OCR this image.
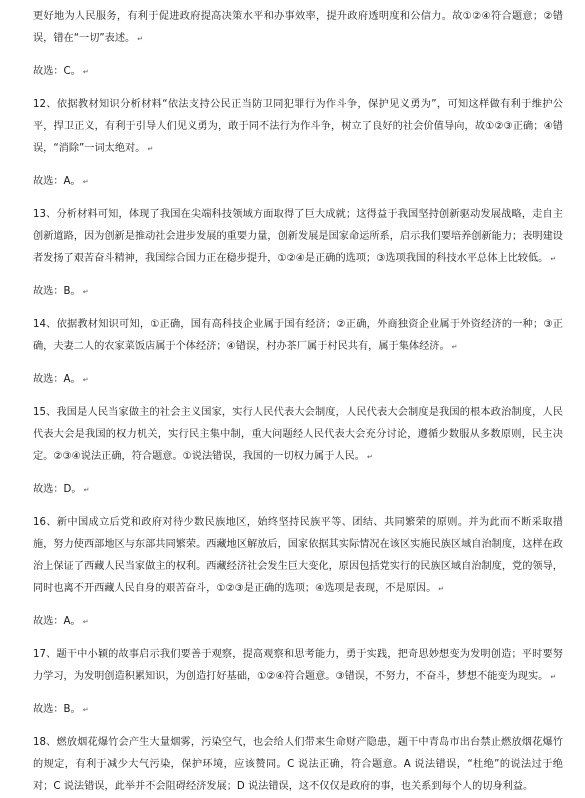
更好地为人民服务，有利于促进政府提高决策水平和办事效率，提升政府透明度和公信力。故①②④符合题意；②错误，错在“一切”表述。 ↵

故选：C。 ↵

12、依据教材知识分析材料“依法支持公民正当防卫同犯罪行为作斗争，保护见义勇为”，可知这样做有利于维护公平，捍卫正义，有利于引导人们见义勇为，敢于同不法行为作斗争，树立了良好的社会价值导向，故①②③正确；④错误，“消除”一词太绝对。 ↵

故选：A。 ↵

13、分析材料可知，体现了我国在尖端科技领域方面取得了巨大成就；这得益于我国坚持创新驱动发展战略，走自主创新道路，因为创新是推动社会进步发展的重要力量，创新发展是国家命运所系，启示我们要培养创新能力；表明建设者发扬了艰苦奋斗精神，我国综合国力正在稳步提升，①②④是正确的选项；③选项我国的科技水平总体上比较低。 ↵

故选：B。 ↵

14、依据教材知识可知，①正确，国有高科技企业属于国有经济；②正确，外商独资企业属于外资经济的一种；③正确，夫妻二人的农家菜饭店属于个体经济；④错误，村办茶厂属于村民共有，属于集体经济。 ↵

故选：A。 ↵

15、我国是人民当家做主的社会主义国家，实行人民代表大会制度，人民代表大会制度是我国的根本政治制度，人民代表大会是我国的权力机关，实行民主集中制，重大问题经人民代表大会充分讨论，遵循少数服从多数原则，民主决定。②③④说法正确，符合题意。①说法错误，我国的一切权力属于人民。 ↵

故选：D。 ↵

16、新中国成立后党和政府对待少数民族地区，始终坚持民族平等、团结、共同繁荣的原则。并为此而不断采取措施，努力使西部地区与东部共同繁荣。西藏地区解放后，国家依据其实际情况在该区实施民族区域自治制度，这样在政治上保证了西藏人民当家做主的权利。西藏经济社会发生巨大变化，原因包括党实行的民族区域自治制度，党的领导，同时也离不开西藏人民自身的艰苦奋斗，①②③是正确的选项；④选项是表现，不是原因。 ↵

故选：A。 ↵

17、题干中小颖的故事启示我们要善于观察，提高观察和思考能力，勇于实践，把奇思妙想变为发明创造；平时要努力学习，为发明创造积累知识，为创造打好基础，①②④符合题意。③错误，不努力，不奋斗，梦想不能变为现实。 ↵

故选：B。 ↵

18、燃放烟花爆竹会产生大量烟雾，污染空气，也会给人们带来生命财产隐患，题干中青岛市出台禁止燃放烟花爆竹的规定，有利于减少大气污染，保护环境，应该赞同。C 说法正确，符合题意。A 说法错误，“杜绝”的说法过于绝对；C 说法错误，此举并不会阻碍经济发展；D 说法错误，这不仅仅是政府的事，也关系到每个人的切身利益。
